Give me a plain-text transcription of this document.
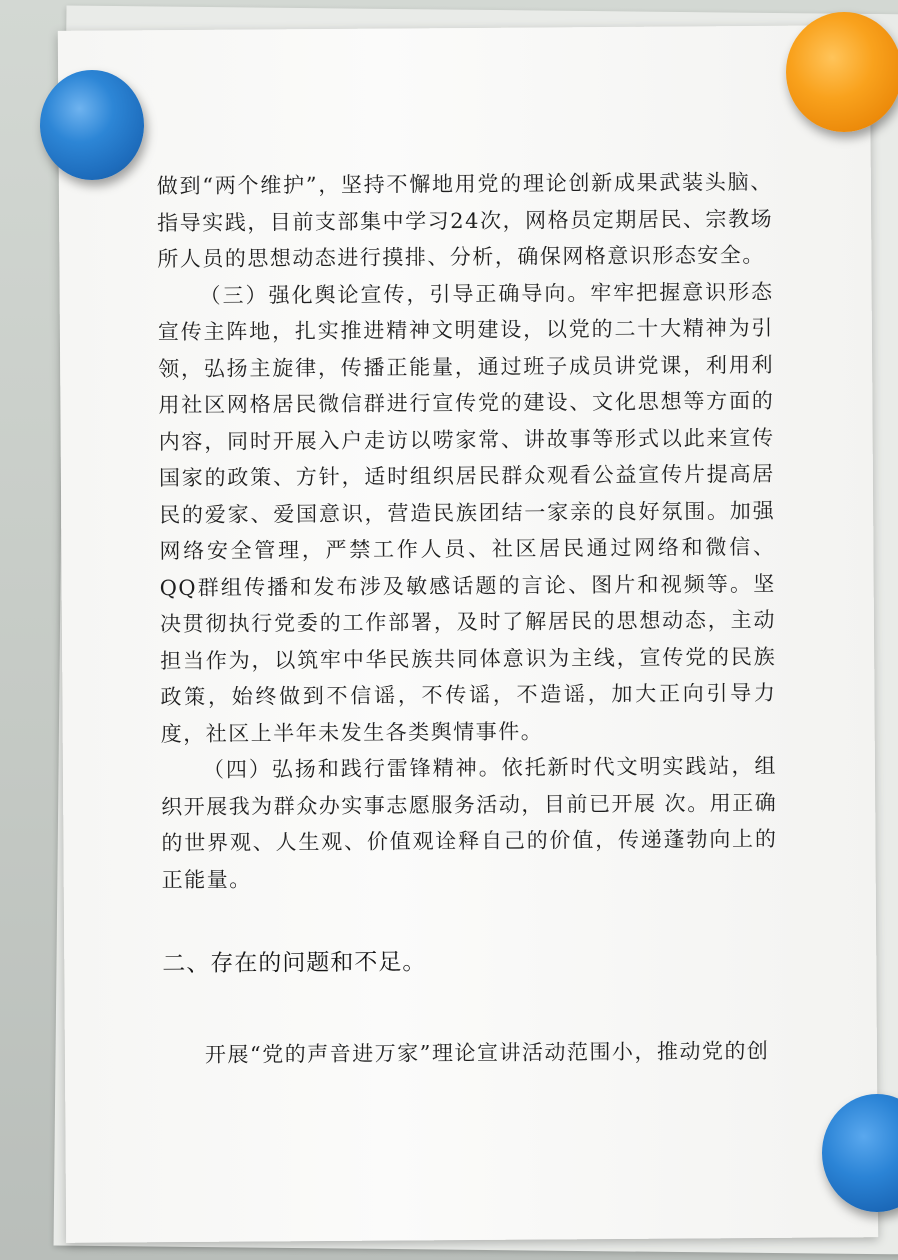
做到“两个维护”，坚持不懈地用党的理论创新成果武装头脑、指导实践，目前支部集中学习24次，网格员定期居民、宗教场所人员的思想动态进行摸排、分析，确保网格意识形态安全。

（三）强化舆论宣传，引导正确导向。牢牢把握意识形态宣传主阵地，扎实推进精神文明建设，以党的二十大精神为引领，弘扬主旋律，传播正能量，通过班子成员讲党课，利用利用社区网格居民微信群进行宣传党的建设、文化思想等方面的内容，同时开展入户走访以唠家常、讲故事等形式以此来宣传国家的政策、方针，适时组织居民群众观看公益宣传片提高居民的爱家、爱国意识，营造民族团结一家亲的良好氛围。加强网络安全管理，严禁工作人员、社区居民通过网络和微信、QQ群组传播和发布涉及敏感话题的言论、图片和视频等。坚决贯彻执行党委的工作部署，及时了解居民的思想动态，主动担当作为，以筑牢中华民族共同体意识为主线，宣传党的民族政策，始终做到不信谣，不传谣，不造谣，加大正向引导力度，社区上半年未发生各类舆情事件。

（四）弘扬和践行雷锋精神。依托新时代文明实践站，组织开展我为群众办实事志愿服务活动，目前已开展 次。用正确的世界观、人生观、价值观诠释自己的价值，传递蓬勃向上的正能量。

二、存在的问题和不足。

开展“党的声音进万家”理论宣讲活动范围小，推动党的创
